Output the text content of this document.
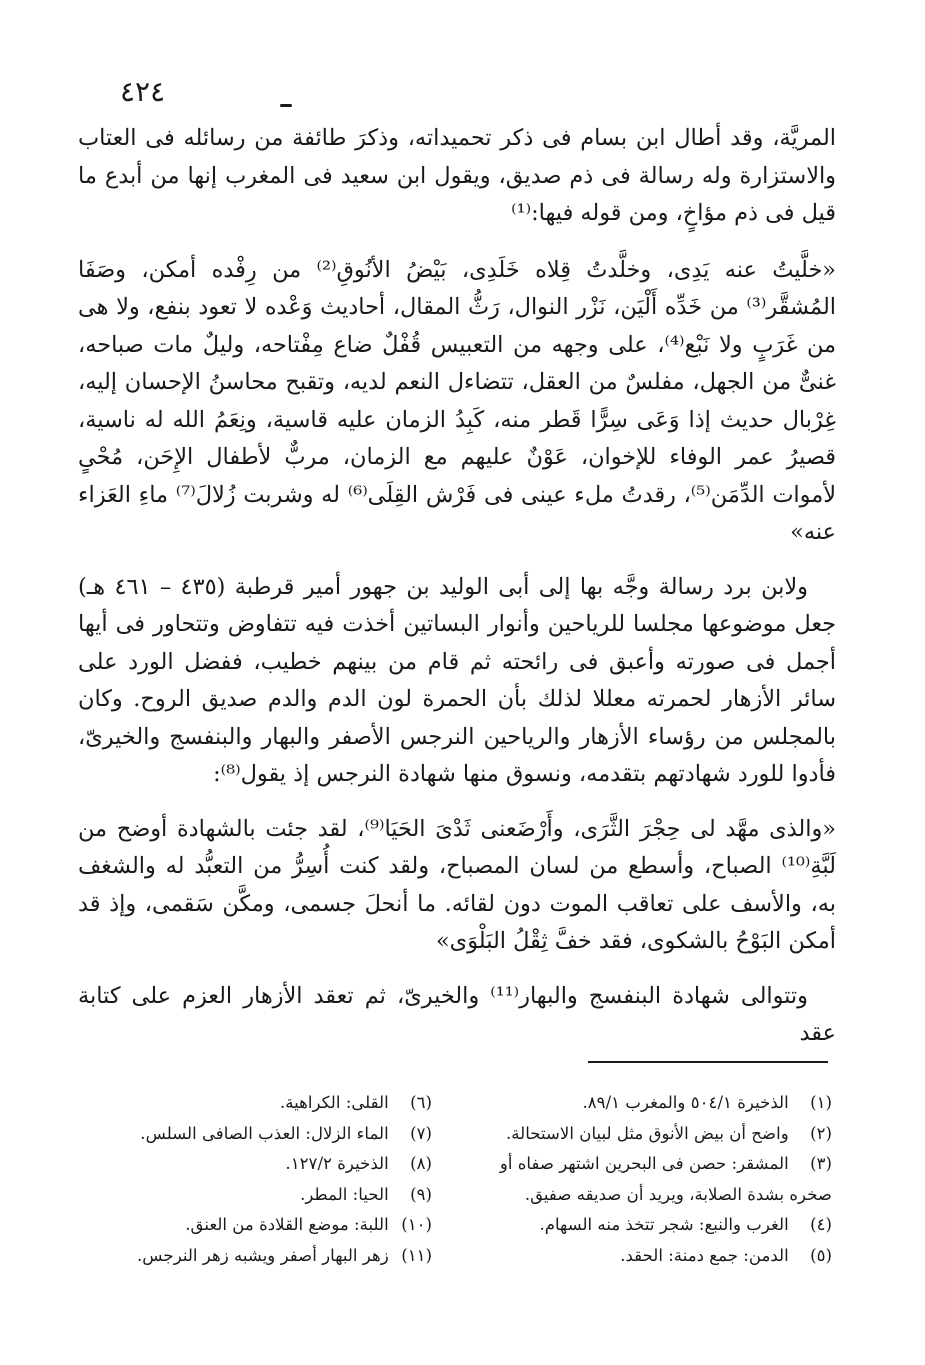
٤٢٤

المريَّة، وقد أطال ابن بسام فى ذكر تحميداته، وذكرَ طائفة من رسائله فى العتاب والاستزارة وله رسالة فى ذم صديق، ويقول ابن سعيد فى المغرب إنها من أبدع ما قيل فى ذم مؤاخٍ، ومن قوله فيها:⁽¹⁾

«خلَّيتُ عنه يَدِى، وخلَّدتُ قِلاه خَلَدِى، بَيْضُ الأنُوقِ⁽²⁾ من رِفْده أمكن، وصَفَا المُشقَّر⁽³⁾ من خَدِّه أَلْيَن، نَزْر النوال، رَثُّ المقال، أحاديث وَعْده لا تعود بنفع، ولا هى من غَرَبٍ ولا نَبْع⁽⁴⁾، على وجهه من التعبيس قُفْلٌ ضاع مِفْتاحه، وليلٌ مات صباحه، غنىٌّ من الجهل، مفلسٌ من العقل، تتضاءل النعم لديه، وتقبح محاسنُ الإحسان إليه، غِرْبال حديث إذا وَعَى سِرًّا قَطر منه، كَبِدُ الزمان عليه قاسية، ونِعَمُ الله له ناسية، قصيرُ عمر الوفاء للإخوان، عَوْنٌ عليهم مع الزمان، مربٌّ لأطفال الإِحَن، مُحْىٍ لأموات الدِّمَن⁽⁵⁾، رقدتُ ملء عينى فى فَرْش القِلَى⁽⁶⁾ له وشربت زُلالَ⁽⁷⁾ ماءِ العَزاء عنه»

ولابن برد رسالة وجَّه بها إلى أبى الوليد بن جهور أمير قرطبة (٤٣٥ – ٤٦١ هـ) جعل موضوعها مجلسا للرياحين وأنوار البساتين أخذت فيه تتفاوض وتتحاور فى أيها أجمل فى صورته وأعبق فى رائحته ثم قام من بينهم خطيب، ففضل الورد على سائر الأزهار لحمرته معللا لذلك بأن الحمرة لون الدم والدم صديق الروح. وكان بالمجلس من رؤساء الأزهار والرياحين النرجس الأصفر والبهار والبنفسج والخيرىّ، فأدوا للورد شهادتهم بتقدمه، ونسوق منها شهادة النرجس إذ يقول⁽⁸⁾:

«والذى مهَّد لى حِجْرَ الثَّرَى، وأَرْضَعنى ثَدْىَ الحَيَا⁽⁹⁾، لقد جئت بالشهادة أوضح من لَبَّةِ⁽¹⁰⁾ الصباح، وأسطع من لسان المصباح، ولقد كنت أُسِرُّ من التعبُّد له والشغف به، والأسف على تعاقب الموت دون لقائه. ما أنحلَ جسمى، ومكَّن سَقمى، وإذ قد أمكن البَوْحُ بالشكوى، فقد خفَّ ثِقْلُ البَلْوَى»

وتتوالى شهادة البنفسج والبهار⁽¹¹⁾ والخيرىّ، ثم تعقد الأزهار العزم على كتابة عقد

(١) الذخيرة ٥٠٤/١ والمغرب ٨٩/١.

(٢) واضح أن بيض الأنوق مثل لبيان الاستحالة.

(٣) المشقر: حصن فى البحرين اشتهر صفاه أو صخره بشدة الصلابة، ويريد أن صديقه صفيق.

(٤) الغرب والنبع: شجر تتخذ منه السهام.

(٥) الدمن: جمع دمنة: الحقد.

(٦) القلى: الكراهية.

(٧) الماء الزلال: العذب الصافى السلس.

(٨) الذخيرة ١٢٧/٢.

(٩) الحيا: المطر.

(١٠) اللبة: موضع القلادة من العنق.

(١١) زهر البهار أصفر ويشبه زهر النرجس.
